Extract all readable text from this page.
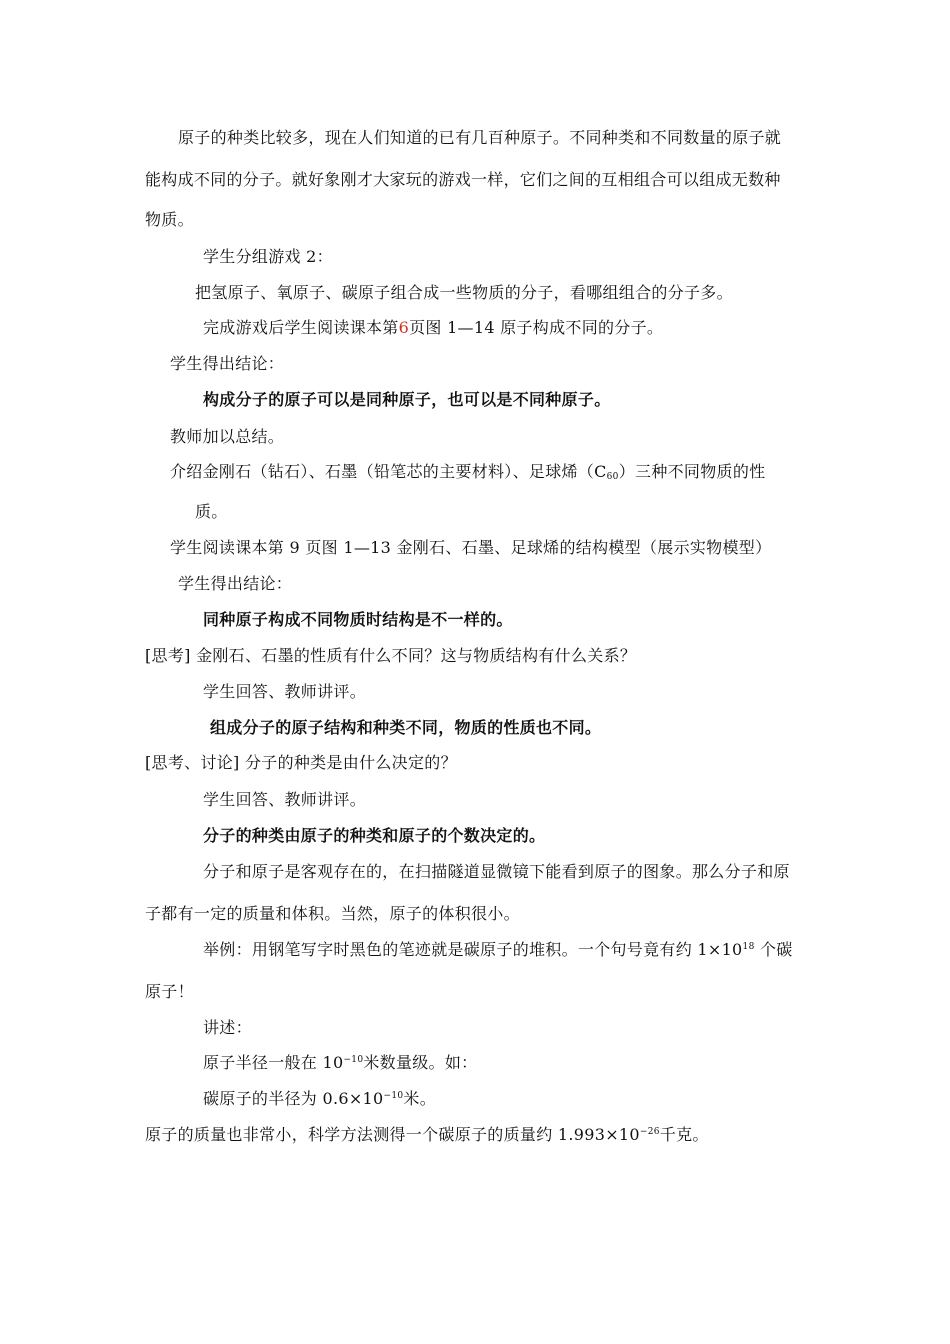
原子的种类比较多，现在人们知道的已有几百种原子。不同种类和不同数量的原子就
能构成不同的分子。就好象刚才大家玩的游戏一样，它们之间的互相组合可以组成无数种
物质。
学生分组游戏 2：
把氢原子、氧原子、碳原子组合成一些物质的分子，看哪组组合的分子多。
完成游戏后学生阅读课本第6页图 1—14 原子构成不同的分子。
学生得出结论：
构成分子的原子可以是同种原子，也可以是不同种原子。
教师加以总结。
介绍金刚石（钻石）、石墨（铅笔芯的主要材料）、足球烯$(C_{60})$三种不同物质的性
质。
学生阅读课本第 9 页图 1—13 金刚石、石墨、足球烯的结构模型（展示实物模型）
学生得出结论：
同种原子构成不同物质时结构是不一样的。
[思考] 金刚石、石墨的性质有什么不同？这与物质结构有什么关系？
学生回答、教师讲评。
组成分子的原子结构和种类不同，物质的性质也不同。
[思考、讨论] 分子的种类是由什么决定的？
学生回答、教师讲评。
分子的种类由原子的种类和原子的个数决定的。
分子和原子是客观存在的，在扫描隧道显微镜下能看到原子的图象。那么分子和原
子都有一定的质量和体积。当然，原子的体积很小。
举例：用钢笔写字时黑色的笔迹就是碳原子的堆积。一个句号竟有约 $1\times 10^{18}$ 个碳
原子！
讲述：
原子半径一般在 $10^{-10}$米数量级。如：
碳原子的半径为 $0.6\times 10^{-10}$米。
原子的质量也非常小，科学方法测得一个碳原子的质量约 $1.993\times 10^{-26}$千克。
